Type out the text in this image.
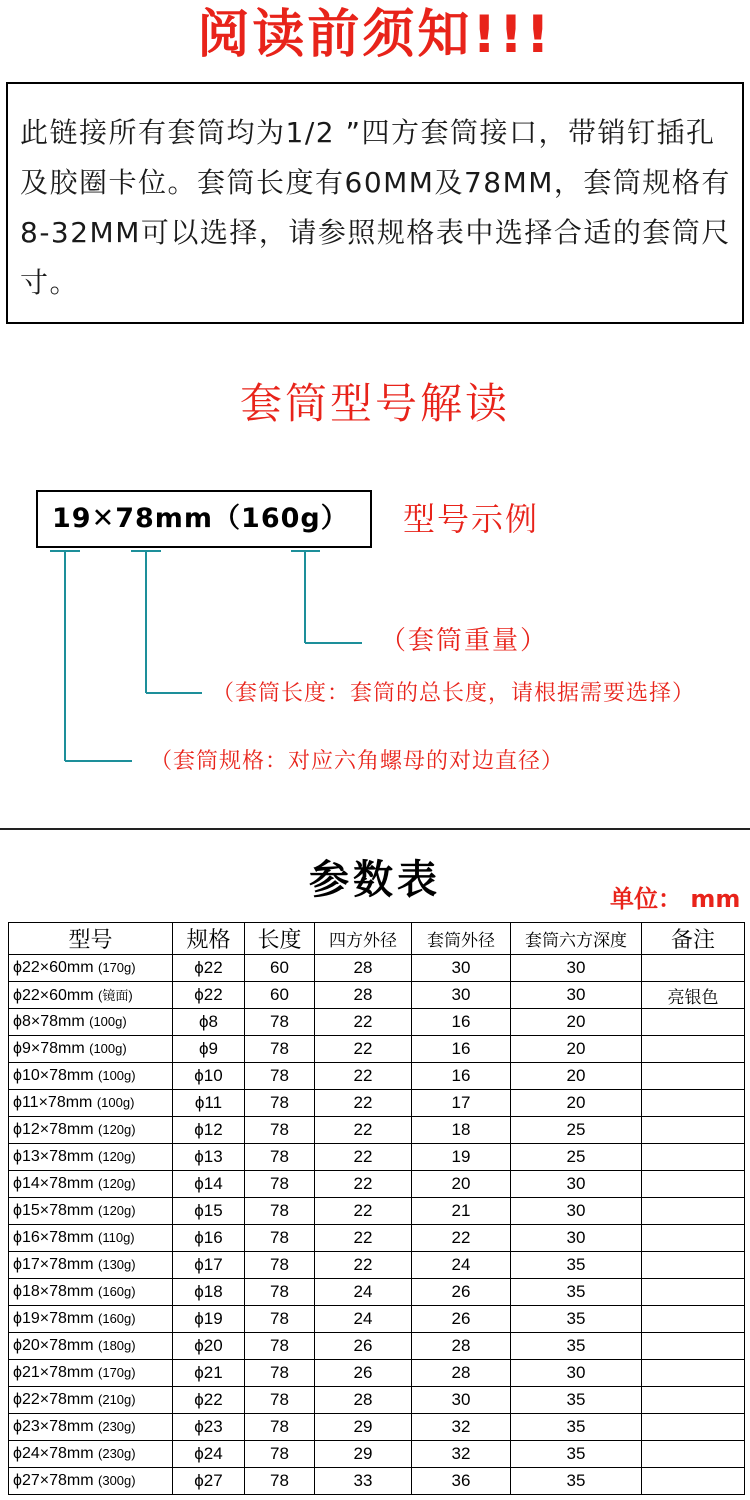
阅读前须知!!!
此链接所有套筒均为1/2 ”四方套筒接口，带销钉插孔及胶圈卡位。套筒长度有60MM及78MM，套筒规格有8-32MM可以选择，请参照规格表中选择合适的套筒尺寸。
套筒型号解读
19✕78mm（160g）	型号示例
（套筒重量）
（套筒长度：套筒的总长度，请根据需要选择）
（套筒规格：对应六角螺母的对边直径）
参数表	单位： mm
型号	规格	长度	四方外径	套筒外径	套筒六方深度	备注
ϕ22×60mm (170g)	ϕ22	60	28	30	30	
ϕ22×60mm (镜面)	ϕ22	60	28	30	30	亮银色
ϕ8×78mm (100g)	ϕ8	78	22	16	20	
ϕ9×78mm (100g)	ϕ9	78	22	16	20	
ϕ10×78mm (100g)	ϕ10	78	22	16	20	
ϕ11×78mm (100g)	ϕ11	78	22	17	20	
ϕ12×78mm (120g)	ϕ12	78	22	18	25	
ϕ13×78mm (120g)	ϕ13	78	22	19	25	
ϕ14×78mm (120g)	ϕ14	78	22	20	30	
ϕ15×78mm (120g)	ϕ15	78	22	21	30	
ϕ16×78mm (110g)	ϕ16	78	22	22	30	
ϕ17×78mm (130g)	ϕ17	78	22	24	35	
ϕ18×78mm (160g)	ϕ18	78	24	26	35	
ϕ19×78mm (160g)	ϕ19	78	24	26	35	
ϕ20×78mm (180g)	ϕ20	78	26	28	35	
ϕ21×78mm (170g)	ϕ21	78	26	28	30	
ϕ22×78mm (210g)	ϕ22	78	28	30	35	
ϕ23×78mm (230g)	ϕ23	78	29	32	35	
ϕ24×78mm (230g)	ϕ24	78	29	32	35	
ϕ27×78mm (300g)	ϕ27	78	33	36	35	
